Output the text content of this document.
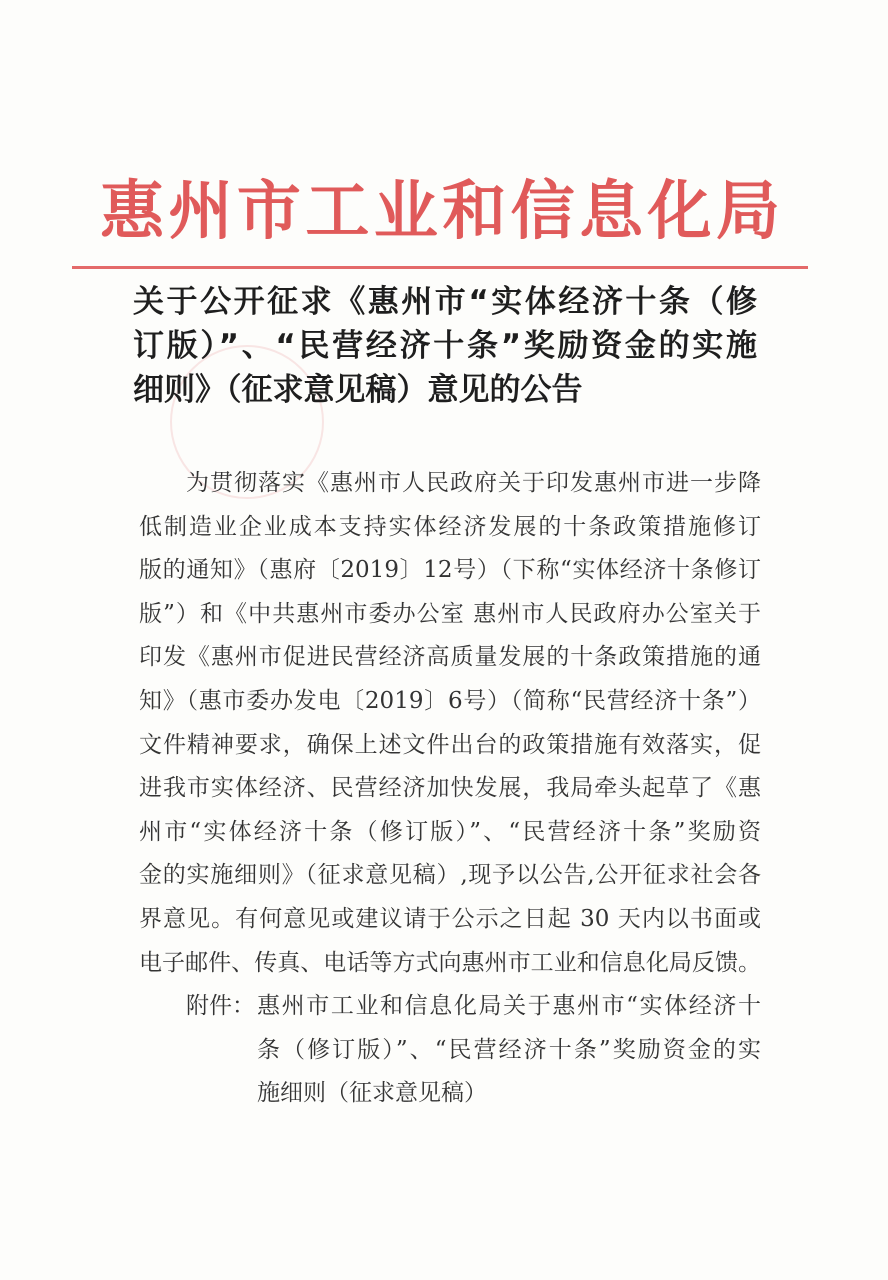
惠州市工业和信息化局
关于公开征求《惠州市“实体经济十条（修
订版）”、“民营经济十条”奖励资金的实施
细则》（征求意见稿）意见的公告
为贯彻落实《惠州市人民政府关于印发惠州市进一步降
低制造业企业成本支持实体经济发展的十条政策措施修订
版的通知》（惠府〔2019〕12号）（下称“实体经济十条修订
版”）和《中共惠州市委办公室 惠州市人民政府办公室关于
印发《惠州市促进民营经济高质量发展的十条政策措施的通
知》（惠市委办发电〔2019〕6号）（简称“民营经济十条”）
文件精神要求，确保上述文件出台的政策措施有效落实，促
进我市实体经济、民营经济加快发展，我局牵头起草了《惠
州市“实体经济十条（修订版）”、“民营经济十条”奖励资
金的实施细则》（征求意见稿）,现予以公告,公开征求社会各
界意见。有何意见或建议请于公示之日起 30 天内以书面或
电子邮件、传真、电话等方式向惠州市工业和信息化局反馈。
附件： 惠州市工业和信息化局关于惠州市“实体经济十
条（修订版）”、“民营经济十条”奖励资金的实
施细则（征求意见稿）
